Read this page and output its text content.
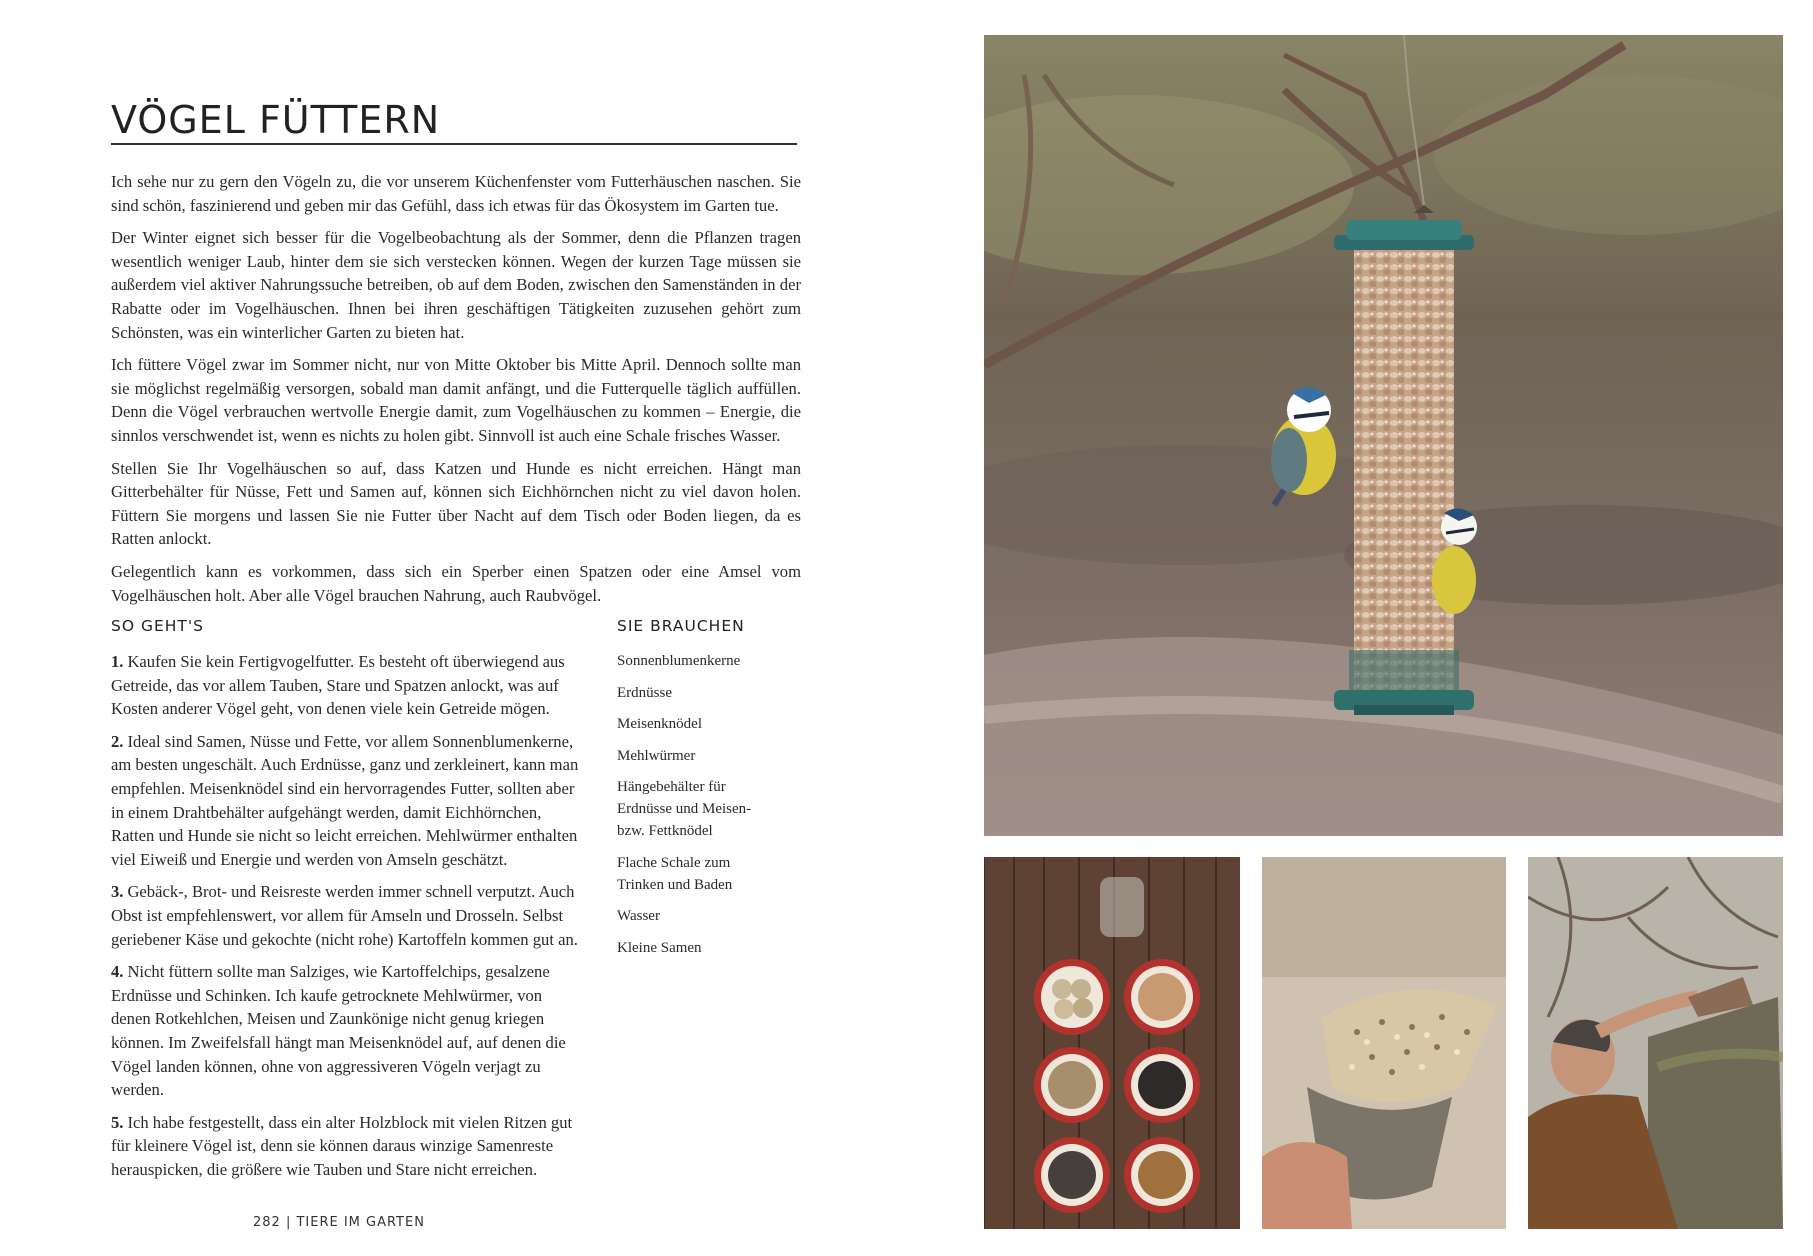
VÖGEL FÜTTERN

Ich sehe nur zu gern den Vögeln zu, die vor unserem Küchenfenster vom Futterhäuschen naschen. Sie sind schön, faszinierend und geben mir das Gefühl, dass ich etwas für das Ökosystem im Garten tue.

Der Winter eignet sich besser für die Vogelbeobachtung als der Sommer, denn die Pflanzen tragen wesentlich weniger Laub, hinter dem sie sich verstecken können. Wegen der kurzen Tage müssen sie außerdem viel aktiver Nahrungssuche betreiben, ob auf dem Boden, zwischen den Samenständen in der Rabatte oder im Vogelhäuschen. Ihnen bei ihren geschäftigen Tätigkeiten zuzusehen gehört zum Schönsten, was ein winterlicher Garten zu bieten hat.

Ich füttere Vögel zwar im Sommer nicht, nur von Mitte Oktober bis Mitte April. Dennoch sollte man sie möglichst regelmäßig versorgen, sobald man damit anfängt, und die Futterquelle täglich auffüllen. Denn die Vögel verbrauchen wertvolle Energie damit, zum Vogelhäuschen zu kommen – Energie, die sinnlos verschwendet ist, wenn es nichts zu holen gibt. Sinnvoll ist auch eine Schale frisches Wasser.

Stellen Sie Ihr Vogelhäuschen so auf, dass Katzen und Hunde es nicht erreichen. Hängt man Gitterbehälter für Nüsse, Fett und Samen auf, können sich Eichhörnchen nicht zu viel davon holen. Füttern Sie morgens und lassen Sie nie Futter über Nacht auf dem Tisch oder Boden liegen, da es Ratten anlockt.

Gelegentlich kann es vorkommen, dass sich ein Sperber einen Spatzen oder eine Amsel vom Vogelhäuschen holt. Aber alle Vögel brauchen Nahrung, auch Raubvögel.

SO GEHT'S

1. Kaufen Sie kein Fertigvogelfutter. Es besteht oft überwiegend aus Getreide, das vor allem Tauben, Stare und Spatzen anlockt, was auf Kosten anderer Vögel geht, von denen viele kein Getreide mögen.

2. Ideal sind Samen, Nüsse und Fette, vor allem Sonnenblumenkerne, am besten ungeschält. Auch Erdnüsse, ganz und zerkleinert, kann man empfehlen. Meisenknödel sind ein hervorragendes Futter, sollten aber in einem Drahtbehälter aufgehängt werden, damit Eichhörnchen, Ratten und Hunde sie nicht so leicht erreichen. Mehlwürmer enthalten viel Eiweiß und Energie und werden von Amseln geschätzt.

3. Gebäck-, Brot- und Reisreste werden immer schnell verputzt. Auch Obst ist empfehlenswert, vor allem für Amseln und Drosseln. Selbst geriebener Käse und gekochte (nicht rohe) Kartoffeln kommen gut an.

4. Nicht füttern sollte man Salziges, wie Kartoffelchips, gesalzene Erdnüsse und Schinken. Ich kaufe getrocknete Mehlwürmer, von denen Rotkehlchen, Meisen und Zaunkönige nicht genug kriegen können. Im Zweifelsfall hängt man Meisenknödel auf, auf denen die Vögel landen können, ohne von aggressiveren Vögeln verjagt zu werden.

5. Ich habe festgestellt, dass ein alter Holzblock mit vielen Ritzen gut für kleinere Vögel ist, denn sie können daraus winzige Samenreste herauspicken, die größere wie Tauben und Stare nicht erreichen.

SIE BRAUCHEN
Sonnenblumenkerne
Erdnüsse
Meisenknödel
Mehlwürmer
Hängebehälter für Erdnüsse und Meisen- bzw. Fettknödel
Flache Schale zum Trinken und Baden
Wasser
Kleine Samen
282 | TIERE IM GARTEN
